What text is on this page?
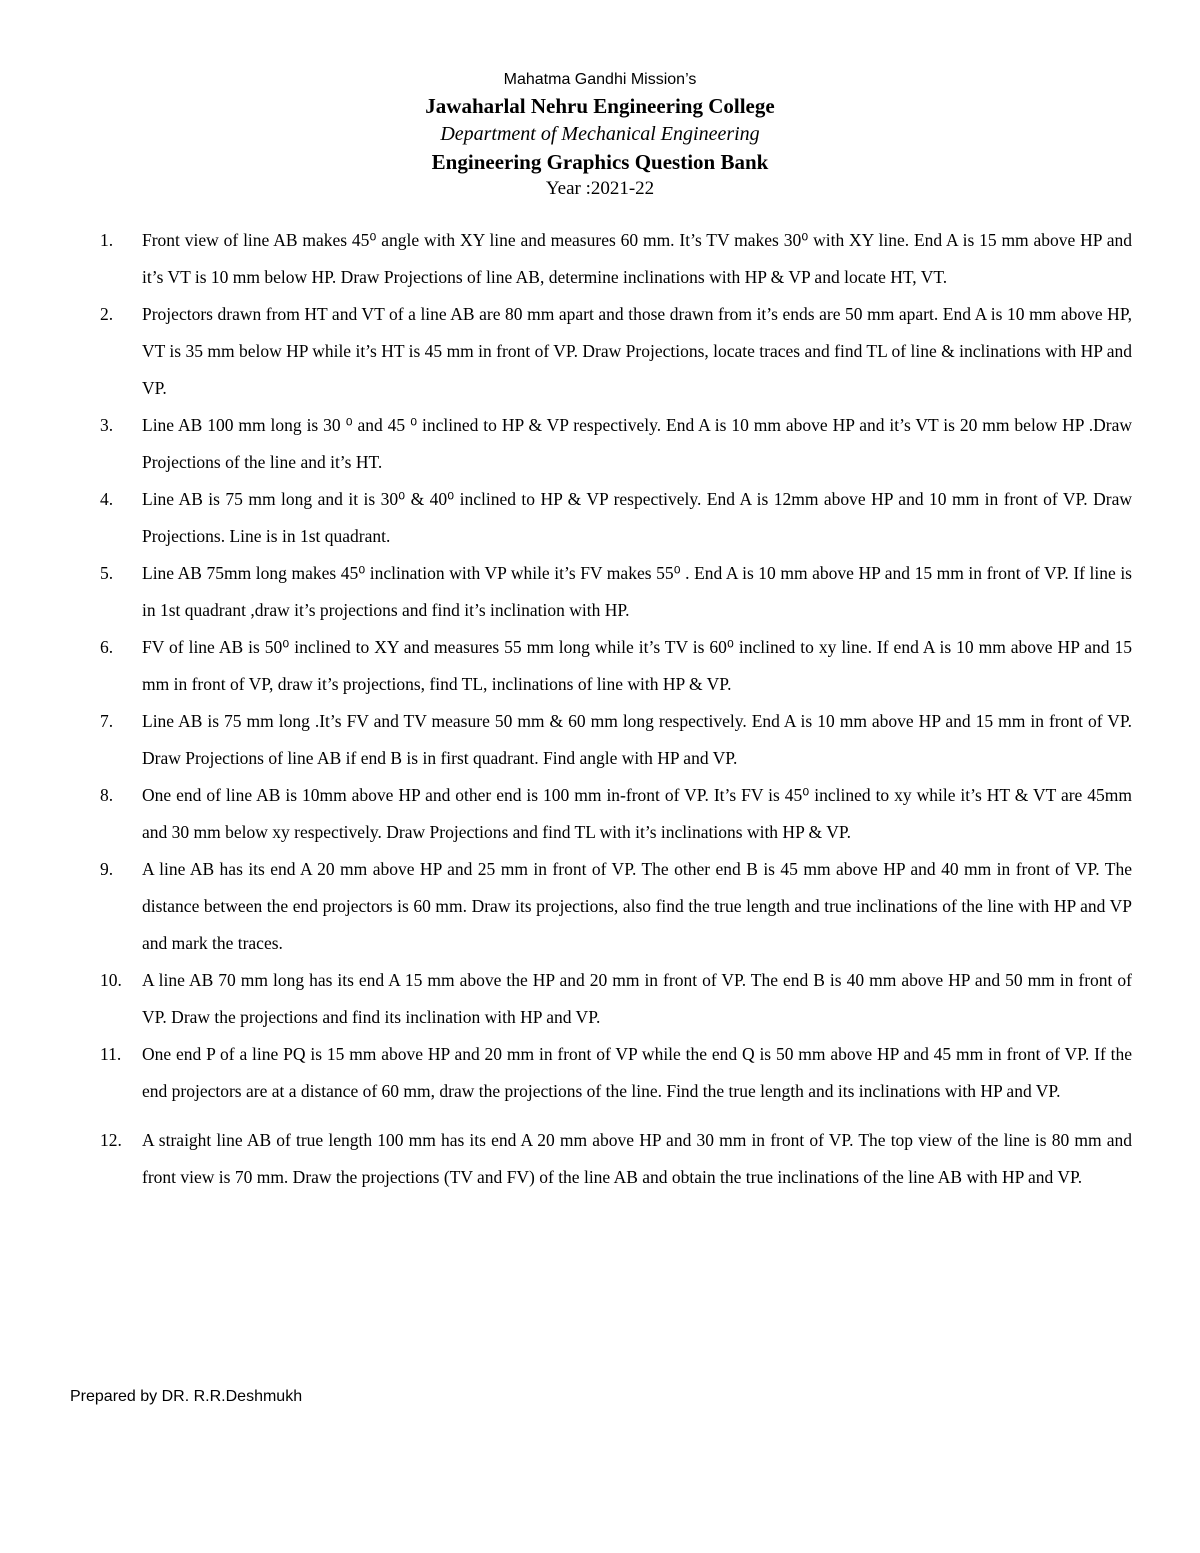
Mahatma Gandhi Mission’s
Jawaharlal Nehru Engineering College
Department of Mechanical Engineering
Engineering Graphics Question Bank
Year :2021-22
1.	Front view of line AB makes 45⁰ angle with XY line and measures 60 mm. It’s TV makes 30⁰ with XY line. End A is 15 mm above HP and it’s VT is 10 mm below HP. Draw Projections of line AB, determine inclinations with HP & VP and locate HT, VT.
2.	Projectors drawn from HT and VT of a line AB are 80 mm apart and those drawn from it’s ends are 50 mm apart. End A is 10 mm above HP, VT is 35 mm below HP while it’s HT is 45 mm in front of VP. Draw Projections, locate traces and find TL of line & inclinations with HP and VP.
3.	Line AB 100 mm long is 30 ⁰ and 45 ⁰ inclined to HP & VP respectively. End A is 10 mm above HP and it’s VT is 20 mm below HP .Draw Projections of the line and it’s HT.
4.	Line AB is 75 mm long and it is 30⁰ & 40⁰ inclined to HP & VP respectively. End A is 12mm above HP and 10 mm in front of VP. Draw Projections. Line is in 1st quadrant.
5.	Line AB 75mm long makes 45⁰ inclination with VP while it’s FV makes 55⁰ . End A is 10 mm above HP and 15 mm in front of VP. If line is in 1st quadrant ,draw it’s projections and find it’s inclination with HP.
6.	FV of line AB is 50⁰ inclined to XY and measures 55 mm long while it’s TV is 60⁰ inclined to xy line. If end A is 10 mm above HP and 15 mm in front of VP, draw it’s projections, find TL, inclinations of line with HP & VP.
7.	Line AB is 75 mm long .It’s FV and TV measure 50 mm & 60 mm long respectively. End A is 10 mm above HP and 15 mm in front of VP. Draw Projections of line AB if end B is in first quadrant. Find angle with HP and VP.
8.	One end of line AB is 10mm above HP and other end is 100 mm in-front of VP. It’s FV is 45⁰ inclined to xy while it’s HT & VT are 45mm and 30 mm below xy respectively. Draw Projections and find TL with it’s inclinations with HP & VP.
9.	A line AB has its end A 20 mm above HP and 25 mm in front of VP. The other end B is 45 mm above HP and 40 mm in front of VP. The distance between the end projectors is 60 mm. Draw its projections, also find the true length and true inclinations of the line with HP and VP and mark the traces.
10.	A line AB 70 mm long has its end A 15 mm above the HP and 20 mm in front of VP. The end B is 40 mm above HP and 50 mm in front of VP. Draw the projections and find its inclination with HP and VP.
11.	One end P of a line PQ is 15 mm above HP and 20 mm in front of VP while the end Q is 50 mm above HP and 45 mm in front of VP. If the end projectors are at a distance of 60 mm, draw the projections of the line. Find the true length and its inclinations with HP and VP.
12.	A straight line AB of true length 100 mm has its end A 20 mm above HP and 30 mm in front of VP. The top view of the line is 80 mm and front view is 70 mm. Draw the projections (TV and FV) of the line AB and obtain the true inclinations of the line AB with HP and VP.
Prepared by DR. R.R.Deshmukh
